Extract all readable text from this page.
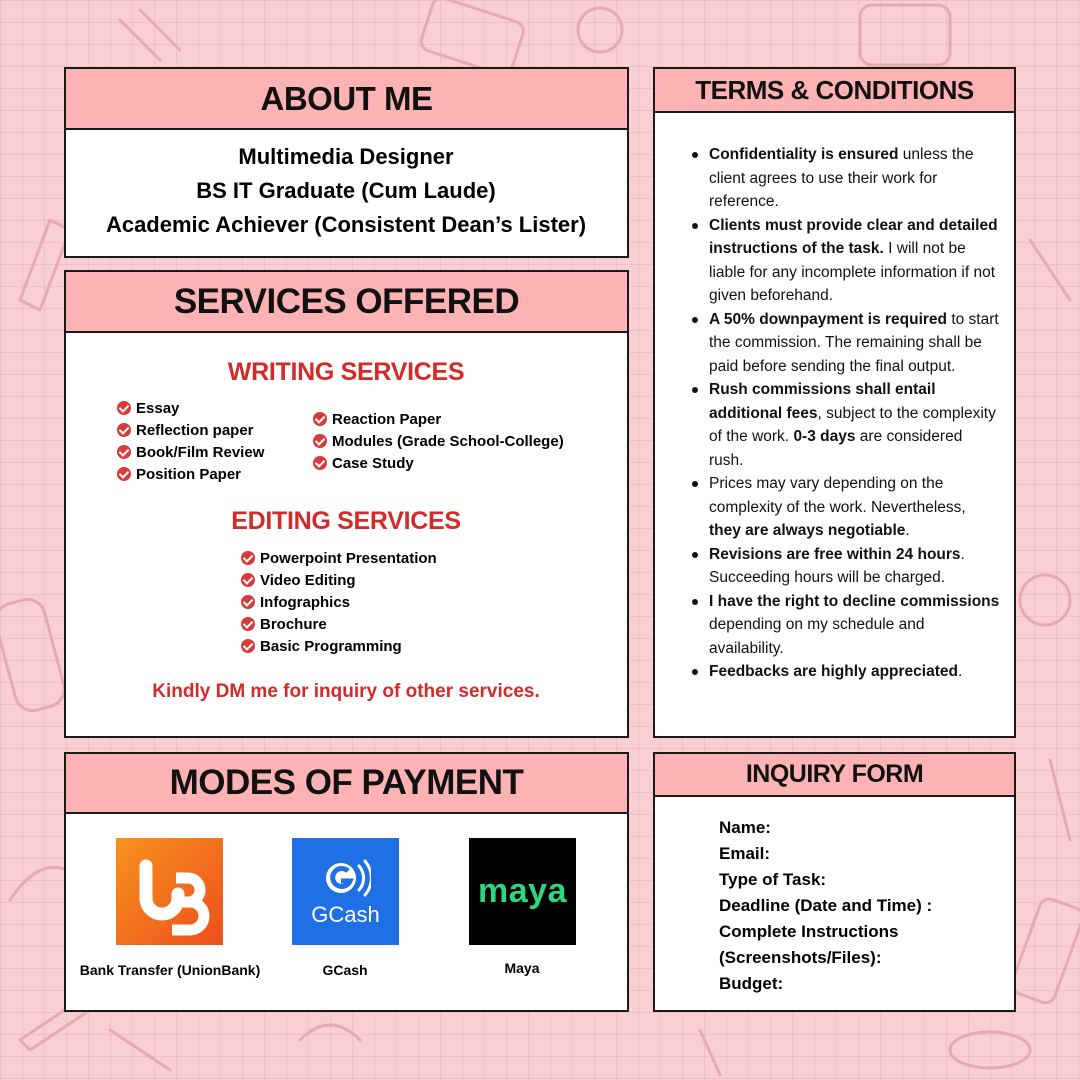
ABOUT ME
Multimedia Designer
BS IT Graduate (Cum Laude)
Academic Achiever (Consistent Dean’s Lister)
SERVICES OFFERED
WRITING SERVICES
Essay
Reflection paper
Book/Film Review
Position Paper
Reaction Paper
Modules (Grade School-College)
Case Study
EDITING SERVICES
Powerpoint Presentation
Video Editing
Infographics
Brochure
Basic Programming
Kindly DM me for inquiry of other services.
TERMS & CONDITIONS
Confidentiality is ensured unless the client agrees to use their work for reference.
Clients must provide clear and detailed instructions of the task. I will not be liable for any incomplete information if not given beforehand.
A 50% downpayment is required to start the commission. The remaining shall be paid before sending the final output.
Rush commissions shall entail additional fees, subject to the complexity of the work. 0-3 days are considered rush.
Prices may vary depending on the complexity of the work. Nevertheless, they are always negotiable.
Revisions are free within 24 hours. Succeeding hours will be charged.
I have the right to decline commissions depending on my schedule and availability.
Feedbacks are highly appreciated.
MODES OF PAYMENT
Bank Transfer (UnionBank)
GCash
GCash
maya
Maya
INQUIRY FORM
Name:
Email:
Type of Task:
Deadline (Date and Time) :
Complete Instructions
(Screenshots/Files):
Budget:
